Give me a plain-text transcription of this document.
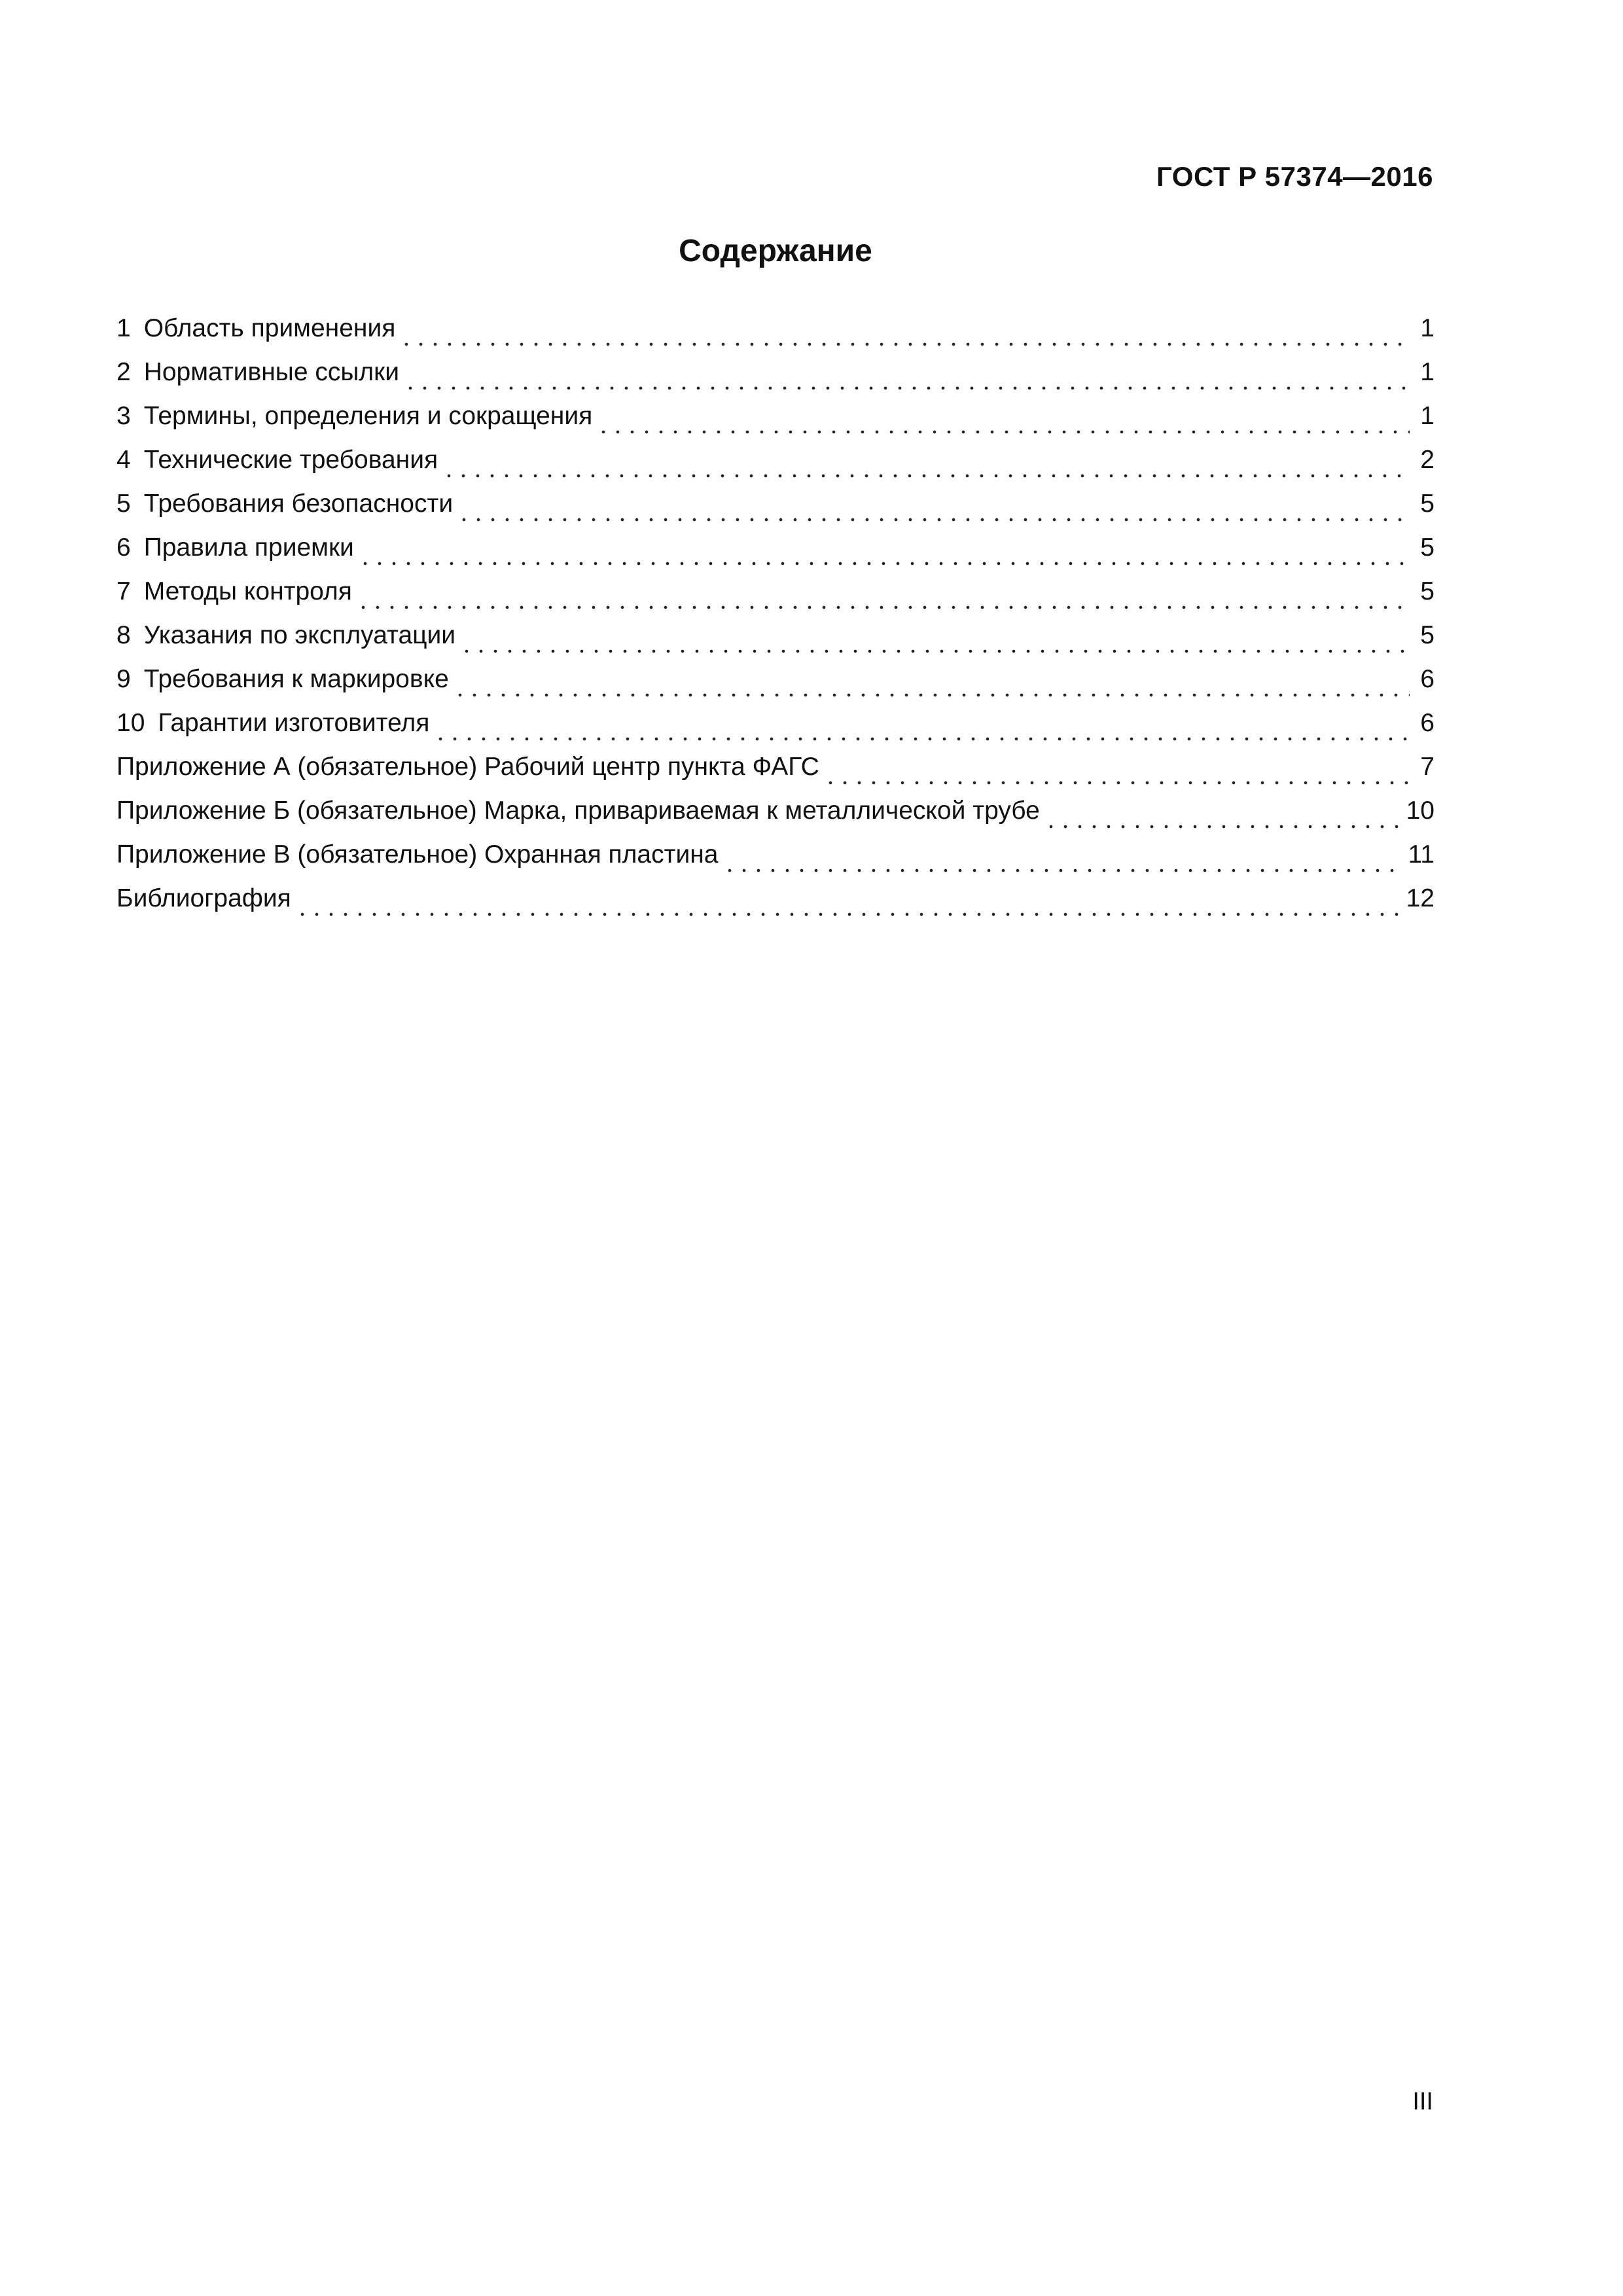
ГОСТ Р 57374—2016
Содержание
1 Область применения	1
2 Нормативные ссылки	1
3 Термины, определения и сокращения	1
4 Технические требования	2
5 Требования безопасности	5
6 Правила приемки	5
7 Методы контроля	5
8 Указания по эксплуатации	5
9 Требования к маркировке	6
10 Гарантии изготовителя	6
Приложение А (обязательное) Рабочий центр пункта ФАГС	7
Приложение Б (обязательное) Марка, привариваемая к металлической трубе	10
Приложение В (обязательное) Охранная пластина	11
Библиография	12
III
